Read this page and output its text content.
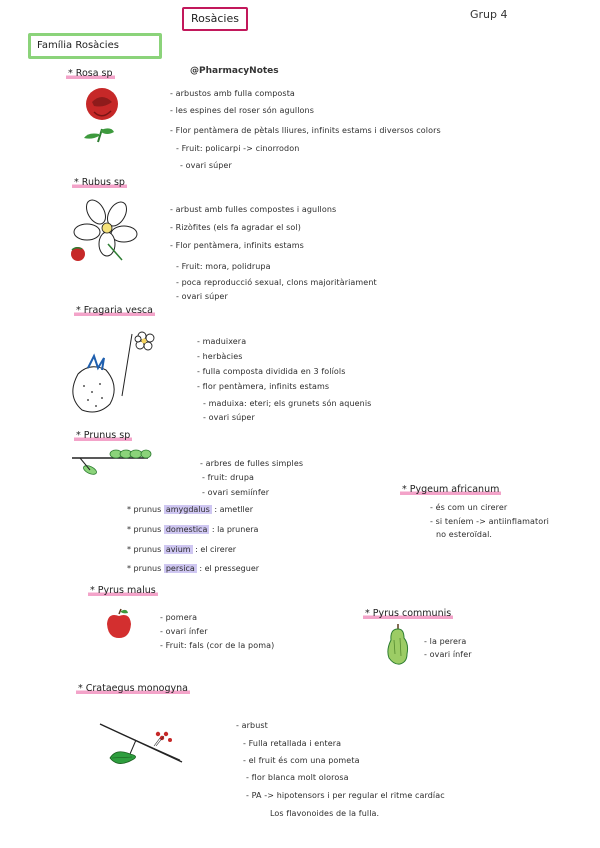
Rosàcies	Grup 4
Família Rosàcies
@PharmacyNotes
* Rosa sp
- arbustos amb fulla composta
- les espines del roser són agullons
- Flor pentàmera de pètals lliures, infinits estams i diversos colors
- Fruit: policarpi -> cinorrodon
- ovari súper
* Rubus sp
- arbust amb fulles compostes i agullons
- Rizòfites (els fa agradar el sol)
- Flor pentàmera, infinits estams
- Fruit: mora, polidrupa
- poca reproducció sexual, clons majoritàriament
- ovari súper
* Fragaria vesca
- maduixera
- herbàcies
- fulla composta dividida en 3 folíols
- flor pentàmera, infinits estams
- maduixa: eteri; els grunets són aquenis
- ovari súper
* Prunus sp
- arbres de fulles simples
- fruit: drupa
- ovari semiínfer
* prunus amygdalus : ametller
* prunus domestica : la prunera
* prunus avium : el cirerer
* prunus persica : el presseguer
* Pygeum africanum
- és com un cirerer
- si teníem -> antiinflamatori
no esteroïdal.
* Pyrus malus
- pomera
- ovari ínfer
- Fruit: fals (cor de la poma)
* Pyrus communis
- la perera
- ovari ínfer
* Crataegus monogyna
- arbust
- Fulla retallada i entera
- el fruit és com una pometa
- flor blanca molt olorosa
- PA -> hipotensors i per regular el ritme cardíac
Los flavonoides de la fulla.
